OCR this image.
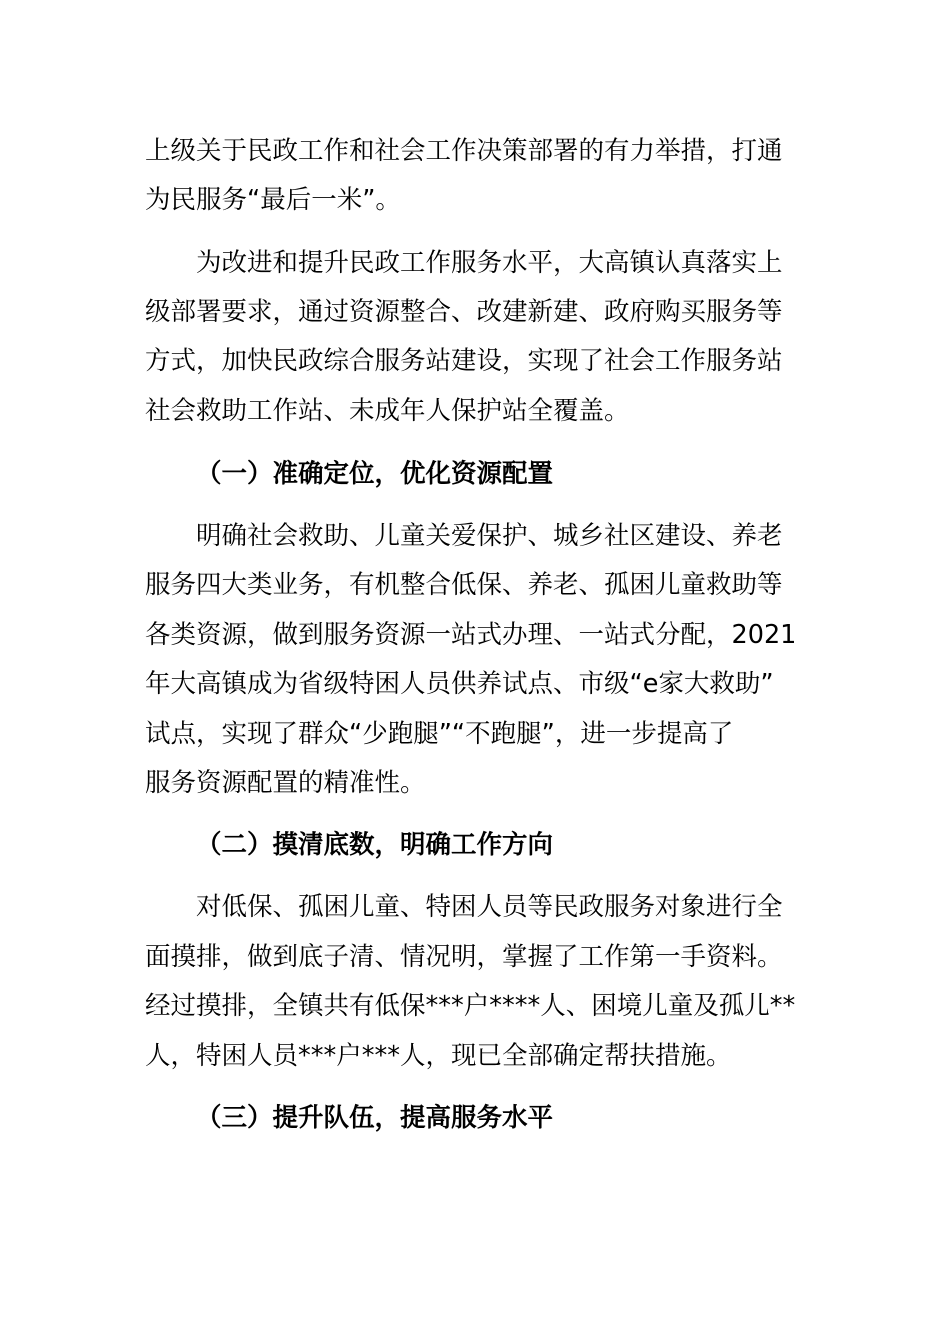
上级关于民政工作和社会工作决策部署的有力举措，打通
为民服务“最后一米”。
为改进和提升民政工作服务水平，大高镇认真落实上
级部署要求，通过资源整合、改建新建、政府购买服务等
方式，加快民政综合服务站建设，实现了社会工作服务站
社会救助工作站、未成年人保护站全覆盖。
（一）准确定位，优化资源配置
明确社会救助、儿童关爱保护、城乡社区建设、养老
服务四大类业务，有机整合低保、养老、孤困儿童救助等
各类资源，做到服务资源一站式办理、一站式分配，2021
年大高镇成为省级特困人员供养试点、市级“e家大救助”
试点，实现了群众“少跑腿”“不跑腿”，进一步提高了
服务资源配置的精准性。
（二）摸清底数，明确工作方向
对低保、孤困儿童、特困人员等民政服务对象进行全
面摸排，做到底子清、情况明，掌握了工作第一手资料。
经过摸排，全镇共有低保***户****人、困境儿童及孤儿**
人，特困人员***户***人，现已全部确定帮扶措施。
（三）提升队伍，提高服务水平
